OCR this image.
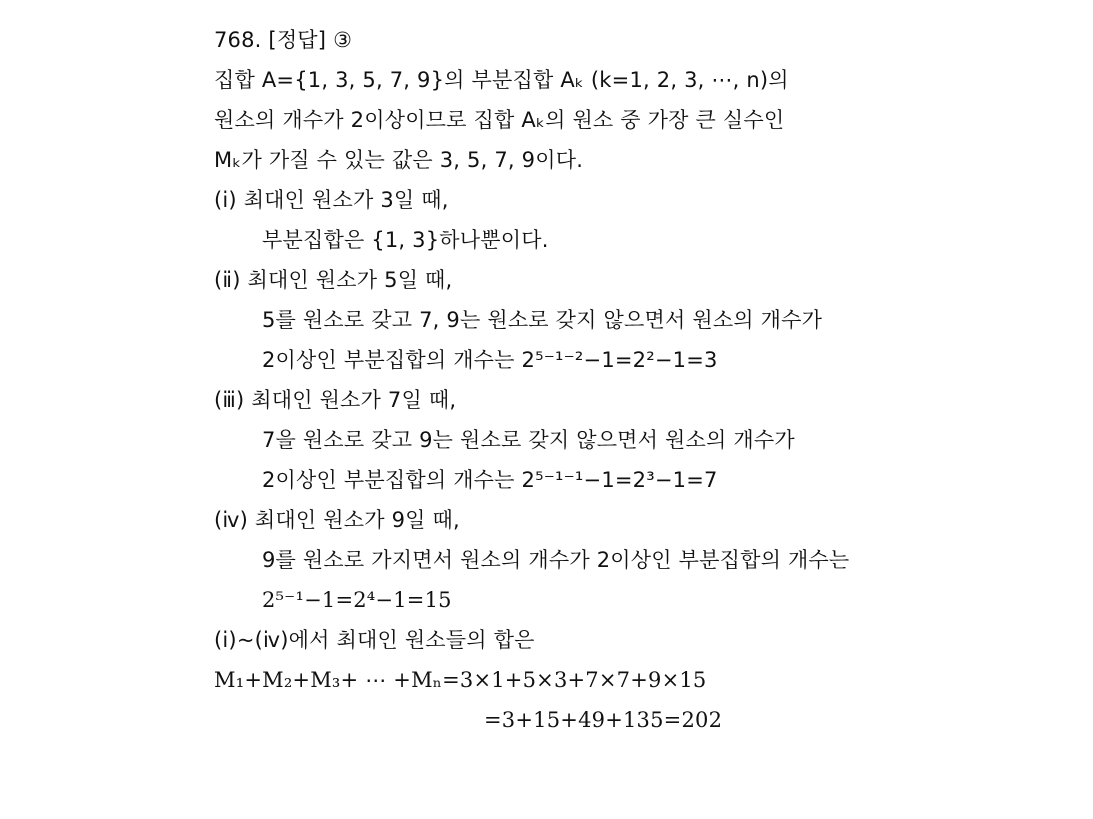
768. [정답] ③
집합 A={1, 3, 5, 7, 9}의 부분집합 Aₖ (k=1, 2, 3, ⋯, n)의
원소의 개수가 2이상이므로 집합 Aₖ의 원소 중 가장 큰 실수인
Mₖ가 가질 수 있는 값은 3, 5, 7, 9이다.
(ⅰ) 최대인 원소가 3일 때,
부분집합은 {1, 3}하나뿐이다.
(ⅱ) 최대인 원소가 5일 때,
5를 원소로 갖고 7, 9는 원소로 갖지 않으면서 원소의 개수가
2이상인 부분집합의 개수는 2⁵⁻¹⁻²−1=2²−1=3
(ⅲ) 최대인 원소가 7일 때,
7을 원소로 갖고 9는 원소로 갖지 않으면서 원소의 개수가
2이상인 부분집합의 개수는 2⁵⁻¹⁻¹−1=2³−1=7
(ⅳ) 최대인 원소가 9일 때,
9를 원소로 가지면서 원소의 개수가 2이상인 부분집합의 개수는
2⁵⁻¹−1=2⁴−1=15
(ⅰ)~(ⅳ)에서 최대인 원소들의 합은
M₁+M₂+M₃+ ⋯ +Mₙ=3×1+5×3+7×7+9×15
=3+15+49+135=202
